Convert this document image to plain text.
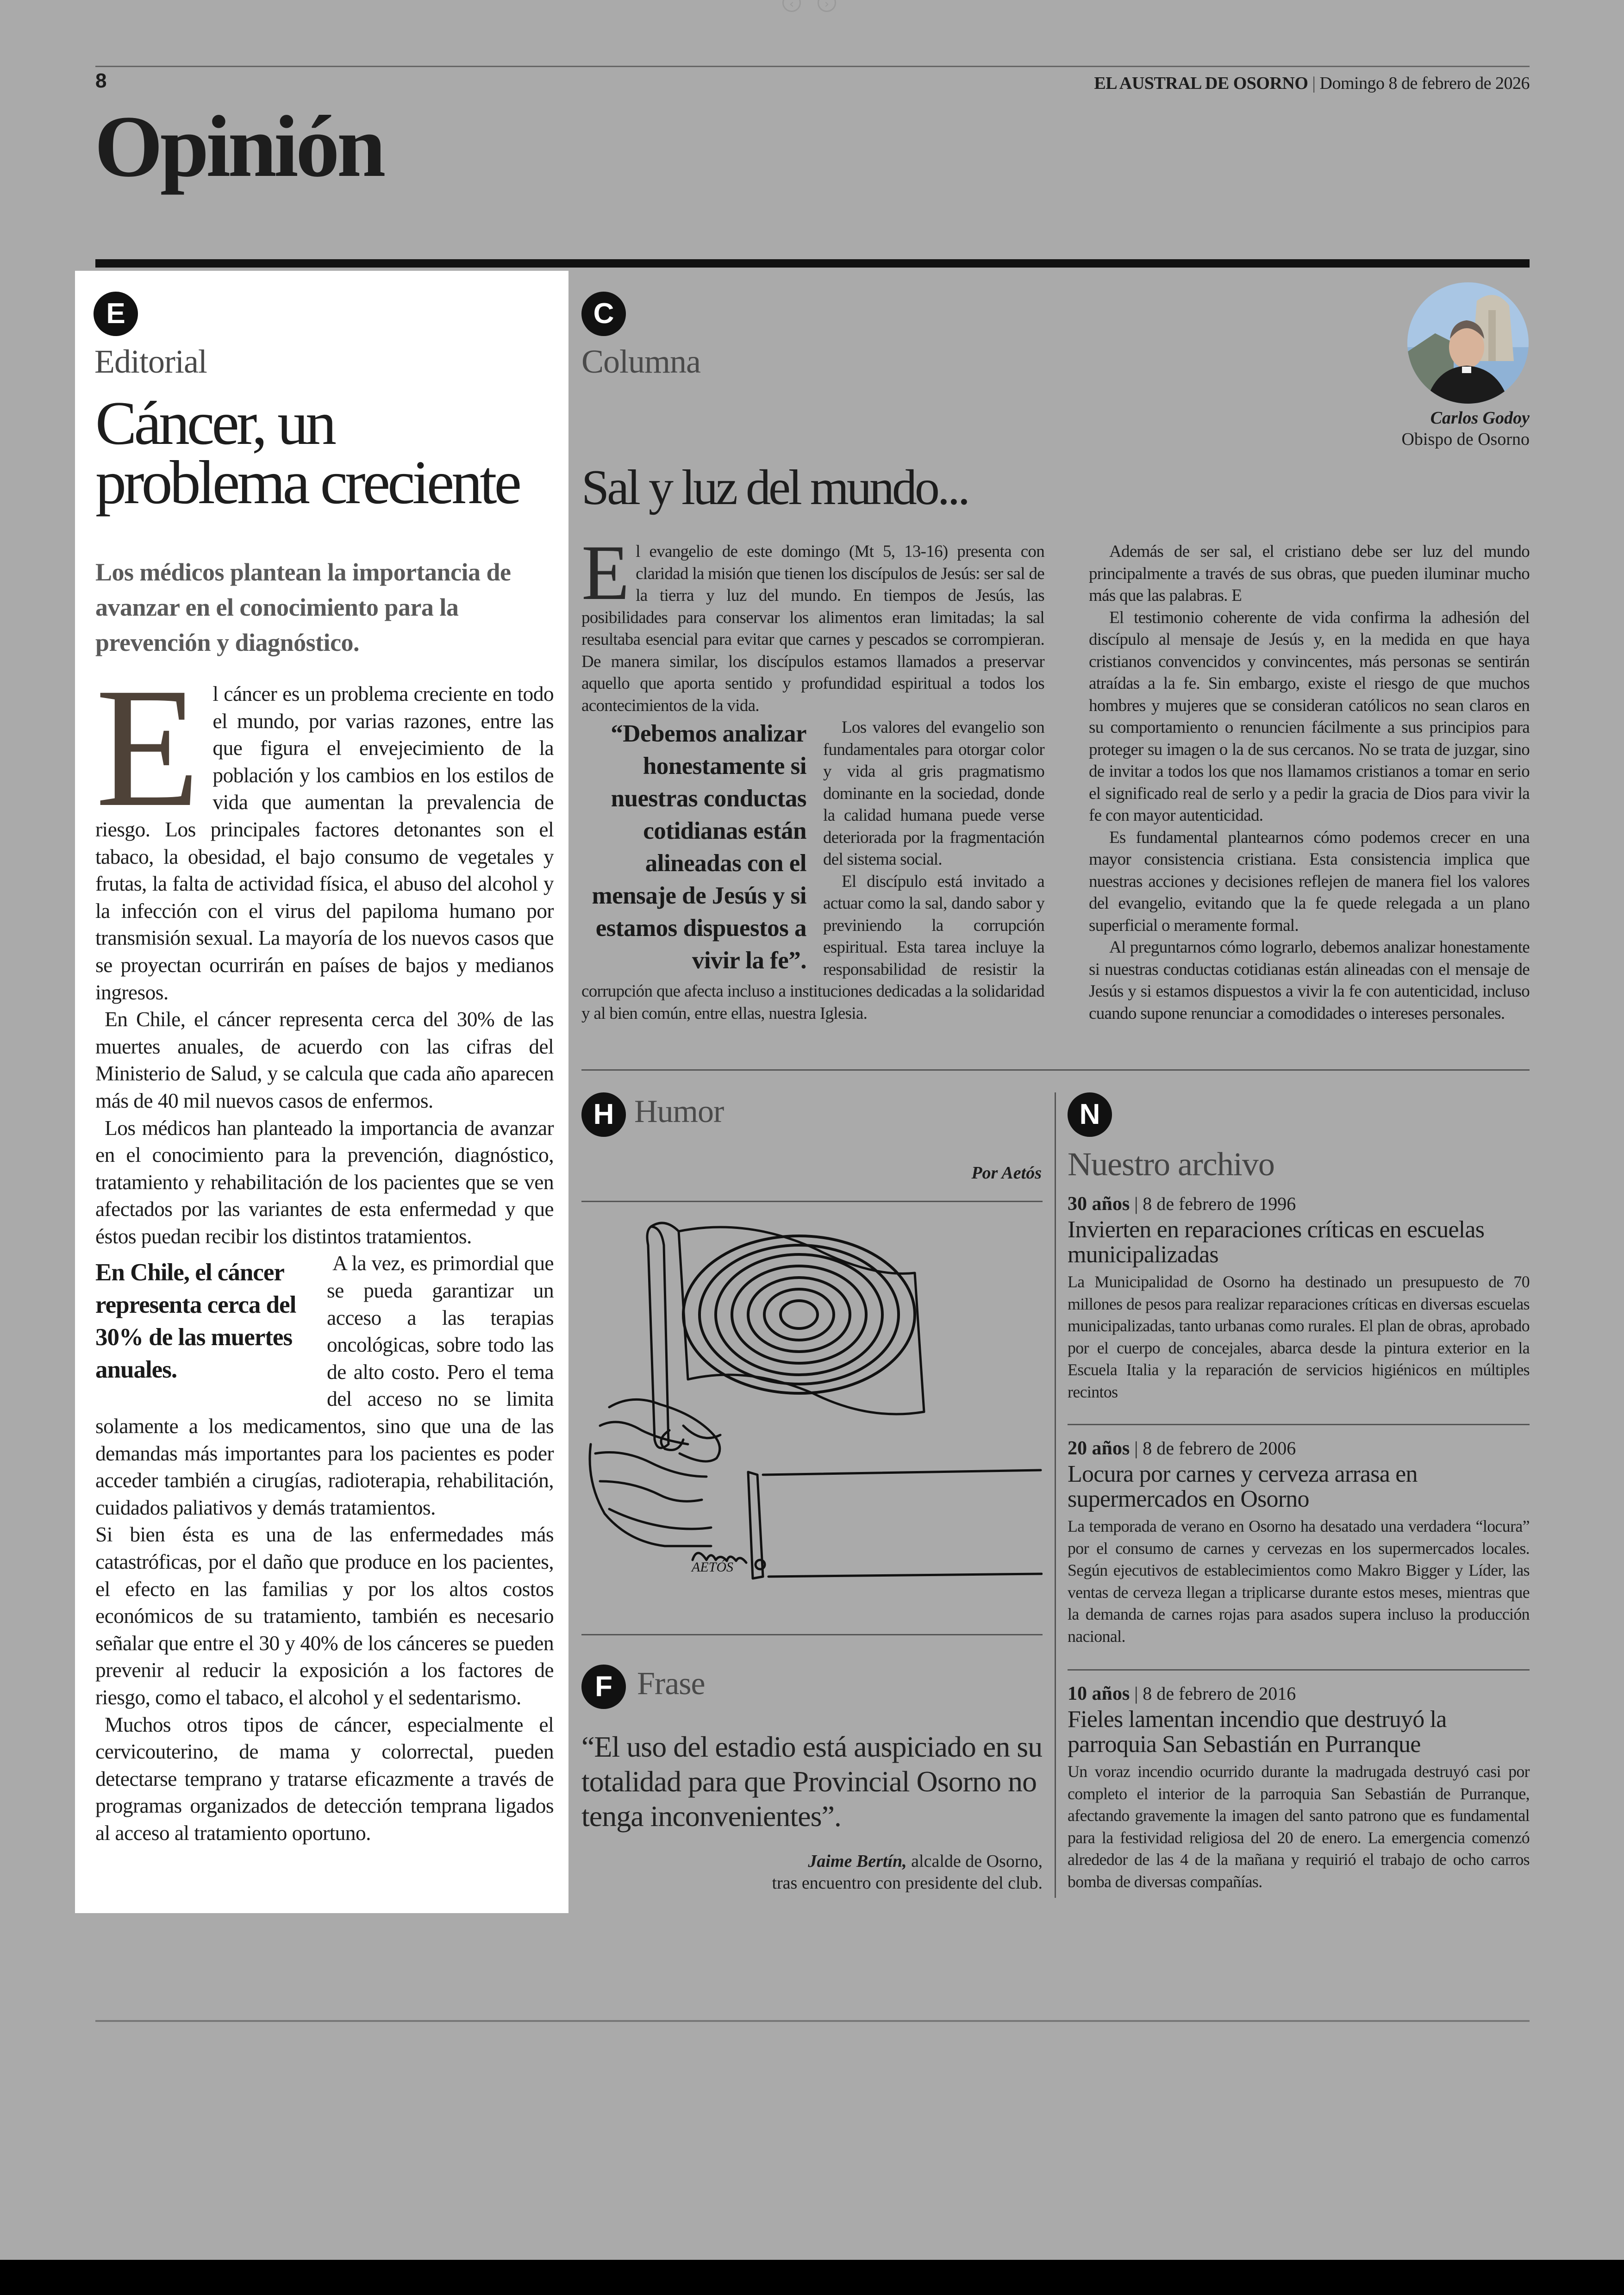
‹	›
8	EL AUSTRAL DE OSORNO | Domingo 8 de febrero de 2026
Opinión
E
Editorial
Cáncer, un problema creciente
Los médicos plantean la importancia de avanzar en el conocimiento para la prevención y diagnóstico.

El cáncer es un problema creciente en todo el mundo, por varias razones, entre las que figura el envejecimiento de la población y los cambios en los estilos de vida que aumentan la prevalencia de riesgo. Los principales factores detonantes son el tabaco, la obesidad, el bajo consumo de vegetales y frutas, la falta de actividad física, el abuso del alcohol y la infección con el virus del papiloma humano por transmisión sexual. La mayoría de los nuevos casos que se proyectan ocurrirán en países de bajos y medianos ingresos.

En Chile, el cáncer representa cerca del 30% de las muertes anuales, de acuerdo con las cifras del Ministerio de Salud, y se calcula que cada año aparecen más de 40 mil nuevos casos de enfermos.

Los médicos han planteado la importancia de avanzar en el conocimiento para la prevención, diagnóstico, tratamiento y rehabilitación de los pacientes que se ven afectados por las variantes de esta enfermedad y que éstos puedan recibir los distintos tratamientos.

En Chile, el cáncer representa cerca del 30% de las muertes anuales.
A la vez, es primordial que se pueda garantizar un acceso a las terapias oncológicas, sobre todo las de alto costo. Pero el tema del acceso no se limita solamente a los medicamentos, sino que una de las demandas más importantes para los pacientes es poder acceder también a cirugías, radioterapia, rehabilitación, cuidados paliativos y demás tratamientos.

Si bien ésta es una de las enfermedades más catastróficas, por el daño que produce en los pacientes, el efecto en las familias y por los altos costos económicos de su tratamiento, también es necesario señalar que entre el 30 y 40% de los cánceres se pueden prevenir al reducir la exposición a los factores de riesgo, como el tabaco, el alcohol y el sedentarismo.

Muchos otros tipos de cáncer, especialmente el cervicouterino, de mama y colorrectal, pueden detectarse temprano y tratarse eficazmente a través de programas organizados de detección temprana ligados al acceso al tratamiento oportuno.

C
Columna
Carlos Godoy
Obispo de Osorno
Sal y luz del mundo...

El evangelio de este domingo (Mt 5, 13-16) presenta con claridad la misión que tienen los discípulos de Jesús: ser sal de la tierra y luz del mundo. En tiempos de Jesús, las posibilidades para conservar los alimentos eran limitadas; la sal resultaba esencial para evitar que carnes y pescados se corrompieran. De manera similar, los discípulos estamos llamados a preservar aquello que aporta sentido y profundidad espiritual a todos los acontecimientos de la vida.

“Debemos analizar honestamente si nuestras conductas cotidianas están alineadas con el mensaje de Jesús y si estamos dispuestos a vivir la fe”.
Los valores del evangelio son fundamentales para otorgar color y vida al gris pragmatismo dominante en la sociedad, donde la calidad humana puede verse deteriorada por la fragmentación del sistema social.

El discípulo está invitado a actuar como la sal, dando sabor y previniendo la corrupción espiritual. Esta tarea incluye la responsabilidad de resistir la corrupción que afecta incluso a instituciones dedicadas a la solidaridad y al bien común, entre ellas, nuestra Iglesia.

Además de ser sal, el cristiano debe ser luz del mundo principalmente a través de sus obras, que pueden iluminar mucho más que las palabras. E

El testimonio coherente de vida confirma la adhesión del discípulo al mensaje de Jesús y, en la medida en que haya cristianos convencidos y convincentes, más personas se sentirán atraídas a la fe. Sin embargo, existe el riesgo de que muchos hombres y mujeres que se consideran católicos no sean claros en su comportamiento o renuncien fácilmente a sus principios para proteger su imagen o la de sus cercanos. No se trata de juzgar, sino de invitar a todos los que nos llamamos cristianos a tomar en serio el significado real de serlo y a pedir la gracia de Dios para vivir la fe con mayor autenticidad.

Es fundamental plantearnos cómo podemos crecer en una mayor consistencia cristiana. Esta consistencia implica que nuestras acciones y decisiones reflejen de manera fiel los valores del evangelio, evitando que la fe quede relegada a un plano superficial o meramente formal.

Al preguntarnos cómo lograrlo, debemos analizar honestamente si nuestras conductas cotidianas están alineadas con el mensaje de Jesús y si estamos dispuestos a vivir la fe con autenticidad, incluso cuando supone renunciar a comodidades o intereses personales.

H Humor
Por Aetós
AETÓS
F Frase
“El uso del estadio está auspiciado en su totalidad para que Provincial Osorno no tenga inconvenientes”.
Jaime Bertín, alcalde de Osorno,
tras encuentro con presidente del club.
N
Nuestro archivo
30 años | 8 de febrero de 1996
Invierten en reparaciones críticas en escuelas municipalizadas
La Municipalidad de Osorno ha destinado un presupuesto de 70 millones de pesos para realizar reparaciones críticas en diversas escuelas municipalizadas, tanto urbanas como rurales. El plan de obras, aprobado por el cuerpo de concejales, abarca desde la pintura exterior en la Escuela Italia y la reparación de servicios higiénicos en múltiples recintos
20 años | 8 de febrero de 2006
Locura por carnes y cerveza arrasa en supermercados en Osorno
La temporada de verano en Osorno ha desatado una verdadera “locura” por el consumo de carnes y cervezas en los supermercados locales. Según ejecutivos de establecimientos como Makro Bigger y Líder, las ventas de cerveza llegan a triplicarse durante estos meses, mientras que la demanda de carnes rojas para asados supera incluso la producción nacional.
10 años | 8 de febrero de 2016
Fieles lamentan incendio que destruyó la parroquia San Sebastián en Purranque
Un voraz incendio ocurrido durante la madrugada destruyó casi por completo el interior de la parroquia San Sebastián de Purranque, afectando gravemente la imagen del santo patrono que es fundamental para la festividad religiosa del 20 de enero. La emergencia comenzó alrededor de las 4 de la mañana y requirió el trabajo de ocho carros bomba de diversas compañías.
